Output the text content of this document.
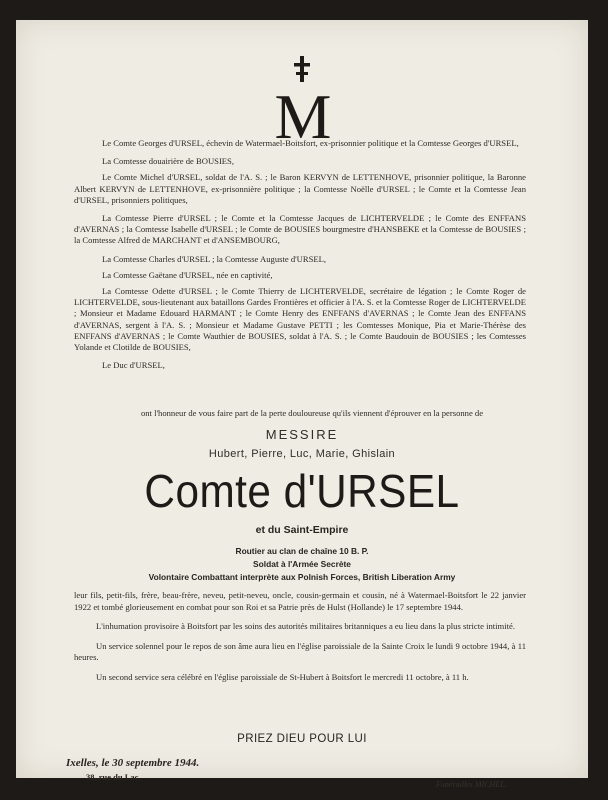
M

Le Comte Georges d'URSEL, échevin de Watermael-Boitsfort, ex-prisonnier politique et la Comtesse Georges d'URSEL,

La Comtesse douairière de BOUSIES,

Le Comte Michel d'URSEL, soldat de l'A. S. ; le Baron KERVYN de LETTENHOVE, prisonnier politique, la Baronne Albert KERVYN de LETTENHOVE, ex-prisonnière politique ; la Comtesse Noëlle d'URSEL ; le Comte et la Comtesse Jean d'URSEL, prisonniers politiques,

La Comtesse Pierre d'URSEL ; le Comte et la Comtesse Jacques de LICHTERVELDE ; le Comte des ENFFANS d'AVERNAS ; la Comtesse Isabelle d'URSEL ; le Comte de BOUSIES bourgmestre d'HANSBEKE et la Comtesse de BOUSIES ; la Comtesse Alfred de MARCHANT et d'ANSEMBOURG,

La Comtesse Charles d'URSEL ; la Comtesse Auguste d'URSEL,

La Comtesse Gaëtane d'URSEL, née en captivité,

La Comtesse Odette d'URSEL ; le Comte Thierry de LICHTERVELDE, secrétaire de légation ; le Comte Roger de LICHTERVELDE, sous-lieutenant aux bataillons Gardes Frontières et officier à l'A. S. et la Comtesse Roger de LICHTERVELDE ; Monsieur et Madame Edouard HARMANT ; le Comte Henry des ENFFANS d'AVERNAS ; le Comte Jean des ENFFANS d'AVERNAS, sergent à l'A. S. ; Monsieur et Madame Gustave PETTI ; les Comtesses Monique, Pia et Marie-Thérèse des ENFFANS d'AVERNAS ; le Comte Wauthier de BOUSIES, soldat à l'A. S. ; le Comte Baudouin de BOUSIES ; les Comtesses Yolande et Clotilde de BOUSIES,

Le Duc d'URSEL,

ont l'honneur de vous faire part de la perte douloureuse qu'ils viennent d'éprouver en la personne de
MESSIRE
Hubert, Pierre, Luc, Marie, Ghislain
Comte d'URSEL
et du Saint-Empire
Routier au clan de chaîne 10 B. P.
Soldat à l'Armée Secrète
Volontaire Combattant interprète aux Polnish Forces, British Liberation Army

leur fils, petit-fils, frère, beau-frère, neveu, petit-neveu, oncle, cousin-germain et cousin, né à Watermael-Boitsfort le 22 janvier 1922 et tombé glorieusement en combat pour son Roi et sa Patrie près de Hulst (Hollande) le 17 septembre 1944.

L'inhumation provisoire à Boitsfort par les soins des autorités militaires britanniques a eu lieu dans la plus stricte intimité.

Un service solennel pour le repos de son âme aura lieu en l'église paroissiale de la Sainte Croix le lundi 9 octobre 1944, à 11 heures.

Un second service sera célébré en l'église paroissiale de St-Hubert à Boitsfort le mercredi 11 octobre, à 11 h.

PRIEZ DIEU POUR LUI
Ixelles, le 30 septembre 1944.
38, rue du Lac.
Funérailles MICHEL.
